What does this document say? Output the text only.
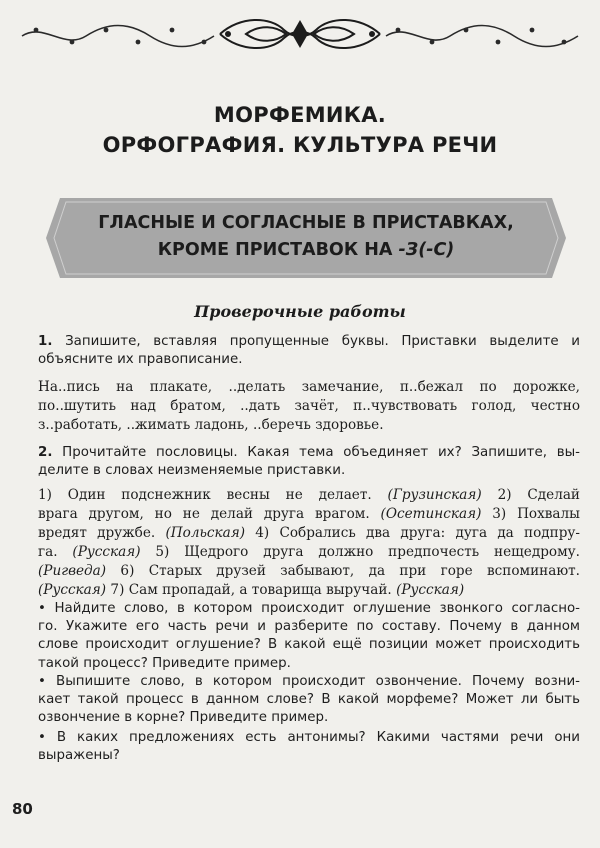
МОРФЕМИКА.
ОРФОГРАФИЯ. КУЛЬТУРА РЕЧИ
ГЛАСНЫЕ И СОГЛАСНЫЕ В ПРИСТАВКАХ,
КРОМЕ ПРИСТАВОК НА -З(-С)
Проверочные работы
1. Запишите, вставляя пропущенные буквы. Приставки выделите и
объясните их правописание.
На..пись на плакате, ..делать замечание, п..бежал по дорожке,
по..шутить над братом, ..дать зачёт, п..чувствовать голод, честно
з..работать, ..жимать ладонь, ..беречь здоровье.
2. Прочитайте пословицы. Какая тема объединяет их? Запишите, вы-
делите в словах неизменяемые приставки.
1) Один подснежник весны не делает. (Грузинская) 2) Сделай
врага другом, но не делай друга врагом. (Осетинская) 3) Похвалы
вредят дружбе. (Польская) 4) Собрались два друга: дуга да подпру-
га. (Русская) 5) Щедрого друга должно предпочесть нещедрому.
(Ригведа) 6) Старых друзей забывают, да при горе вспоминают.
(Русская) 7) Сам пропадай, а товарища выручай. (Русская)
• Найдите слово, в котором происходит оглушение звонкого согласно-
го. Укажите его часть речи и разберите по составу. Почему в данном
слове происходит оглушение? В какой ещё позиции может происходить
такой процесс? Приведите пример.
• Выпишите слово, в котором происходит озвончение. Почему возни-
кает такой процесс в данном слове? В какой морфеме? Может ли быть
озвончение в корне? Приведите пример.
• В каких предложениях есть антонимы? Какими частями речи они
выражены?
80
